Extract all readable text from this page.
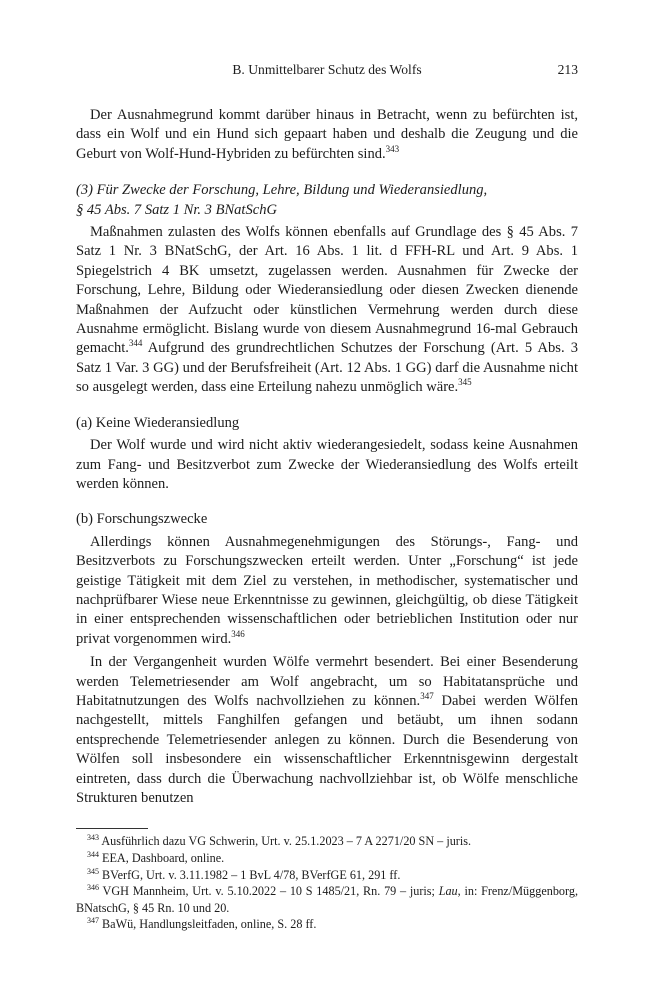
B. Unmittelbarer Schutz des Wolfs	213

Der Ausnahmegrund kommt darüber hinaus in Betracht, wenn zu befürchten ist, dass ein Wolf und ein Hund sich gepaart haben und deshalb die Zeugung und die Geburt von Wolf-Hund-Hybriden zu befürchten sind.$^{343}$

(3) Für Zwecke der Forschung, Lehre, Bildung und Wiederansiedlung,
§ 45 Abs. 7 Satz 1 Nr. 3 BNatSchG

Maßnahmen zulasten des Wolfs können ebenfalls auf Grundlage des § 45 Abs. 7 Satz 1 Nr. 3 BNatSchG, der Art. 16 Abs. 1 lit. d FFH-RL und Art. 9 Abs. 1 Spiegelstrich 4 BK umsetzt, zugelassen werden. Ausnahmen für Zwecke der Forschung, Lehre, Bildung oder Wiederansiedlung oder diesen Zwecken dienende Maßnahmen der Aufzucht oder künstlichen Vermehrung werden durch diese Ausnahme ermöglicht. Bislang wurde von diesem Ausnahmegrund 16-mal Gebrauch gemacht.$^{344}$ Aufgrund des grundrechtlichen Schutzes der Forschung (Art. 5 Abs. 3 Satz 1 Var. 3 GG) und der Berufsfreiheit (Art. 12 Abs. 1 GG) darf die Ausnahme nicht so ausgelegt werden, dass eine Erteilung nahezu unmöglich wäre.$^{345}$

(a) Keine Wiederansiedlung

Der Wolf wurde und wird nicht aktiv wiederangesiedelt, sodass keine Ausnahmen zum Fang- und Besitzverbot zum Zwecke der Wiederansiedlung des Wolfs erteilt werden können.

(b) Forschungszwecke

Allerdings können Ausnahmegenehmigungen des Störungs-, Fang- und Besitzverbots zu Forschungszwecken erteilt werden. Unter „Forschung“ ist jede geistige Tätigkeit mit dem Ziel zu verstehen, in methodischer, systematischer und nachprüfbarer Wiese neue Erkenntnisse zu gewinnen, gleichgültig, ob diese Tätigkeit in einer entsprechenden wissenschaftlichen oder betrieblichen Institution oder nur privat vorgenommen wird.$^{346}$

In der Vergangenheit wurden Wölfe vermehrt besendert. Bei einer Besenderung werden Telemetriesender am Wolf angebracht, um so Habitatansprüche und Habitatnutzungen des Wolfs nachvollziehen zu können.$^{347}$ Dabei werden Wölfen nachgestellt, mittels Fanghilfen gefangen und betäubt, um ihnen sodann entsprechende Telemetriesender anlegen zu können. Durch die Besenderung von Wölfen soll insbesondere ein wissenschaftlicher Erkenntnisgewinn dergestalt eintreten, dass durch die Überwachung nachvollziehbar ist, ob Wölfe menschliche Strukturen benutzen

$^{343}$ Ausführlich dazu VG Schwerin, Urt. v. 25.1.2023 – 7 A 2271/20 SN – juris.

$^{344}$ EEA, Dashboard, online.

$^{345}$ BVerfG, Urt. v. 3.11.1982 – 1 BvL 4/78, BVerfGE 61, 291 ff.

$^{346}$ VGH Mannheim, Urt. v. 5.10.2022 – 10 S 1485/21, Rn. 79 – juris; Lau, in: Frenz/Müggenborg, BNatschG, § 45 Rn. 10 und 20.

$^{347}$ BaWü, Handlungsleitfaden, online, S. 28 ff.
